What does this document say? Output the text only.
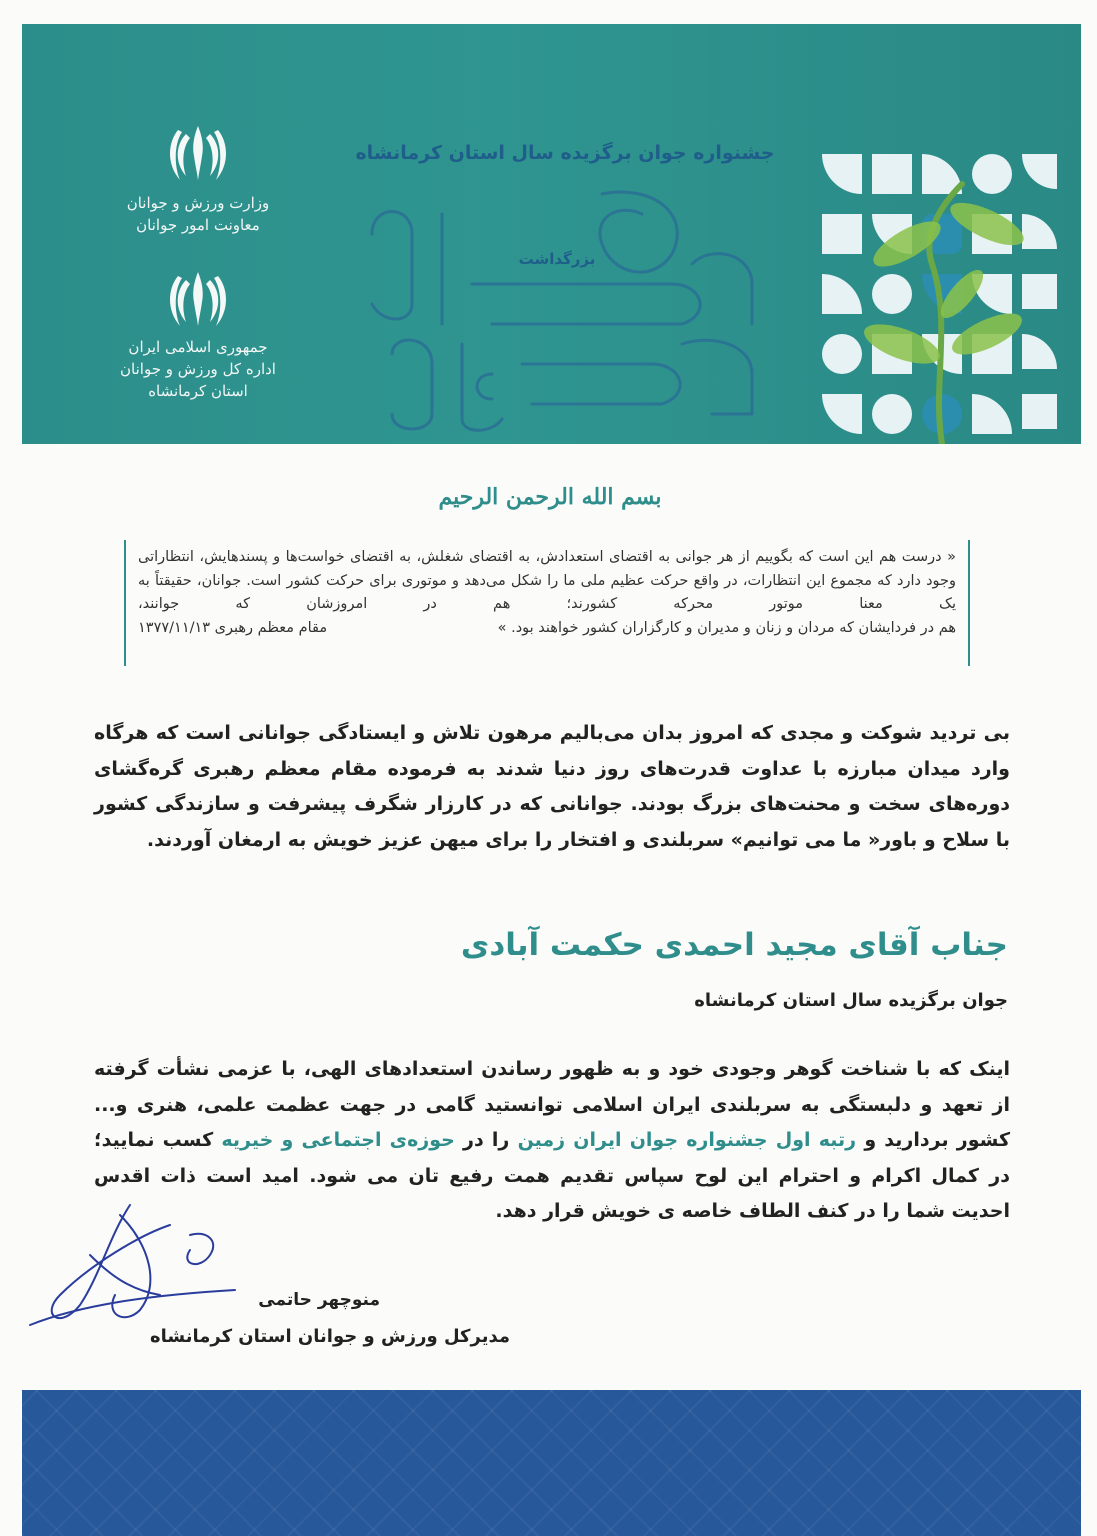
وزارت ورزش و جوانان
معاونت امور جوانان
جمهوری اسلامی ایران
اداره کل ورزش و جوانان
استان کرمانشاه
جشنواره جوان برگزیده سال استان کرمانشاه
بزرگداشت
بسم الله الرحمن الرحیم

« درست هم این است که بگوییم از هر جوانی به اقتضای استعدادش، به اقتضای شغلش، به اقتضای خواست‌ها و پسندهایش، انتظاراتی وجود دارد که مجموع این انتظارات، در واقع حرکت عظیم ملی ما را شکل می‌دهد و موتوری برای حرکت کشور است. جوانان، حقیقتاً به یک معنا موتور محرکه کشورند؛ هم در امروزشان که جوانند،

هم در فردایشان که مردان و زنان و مدیران و کارگزاران کشور خواهند بود. »
مقام معظم رهبری ۱۳۷۷/۱۱/۱۳

بی تردید شوکت و مجدی که امروز بدان می‌بالیم مرهون تلاش و ایستادگی جوانانی است که هرگاه وارد میدان مبارزه با عداوت قدرت‌های روز دنیا شدند به فرموده مقام معظم رهبری گره‌گشای دوره‌های سخت و محنت‌های بزرگ بودند. جوانانی که در کارزار شگرف پیشرفت و سازندگی کشور با سلاح و باور« ما می توانیم» سربلندی و افتخار را برای میهن عزیز خویش به ارمغان آوردند.

جناب آقای مجید احمدی حکمت آبادی
جوان برگزیده سال استان کرمانشاه

اینک که با شناخت گوهر وجودی خود و به ظهور رساندن استعدادهای الهی، با عزمی نشأت گرفته از تعهد و دلبستگی به سربلندی ایران اسلامی توانستید گامی در جهت عظمت علمی، هنری و... کشور بردارید و رتبه اول جشنواره جوان ایران زمین را در حوزه‌ی اجتماعی و خیریه کسب نمایید؛ در کمال اکرام و احترام این لوح سپاس تقدیم همت رفیع تان می شود. امید است ذات اقدس احدیت شما را در کنف الطاف خاصه ی خویش قرار دهد.

منوچهر حاتمی
مدیرکل ورزش و جوانان استان کرمانشاه
